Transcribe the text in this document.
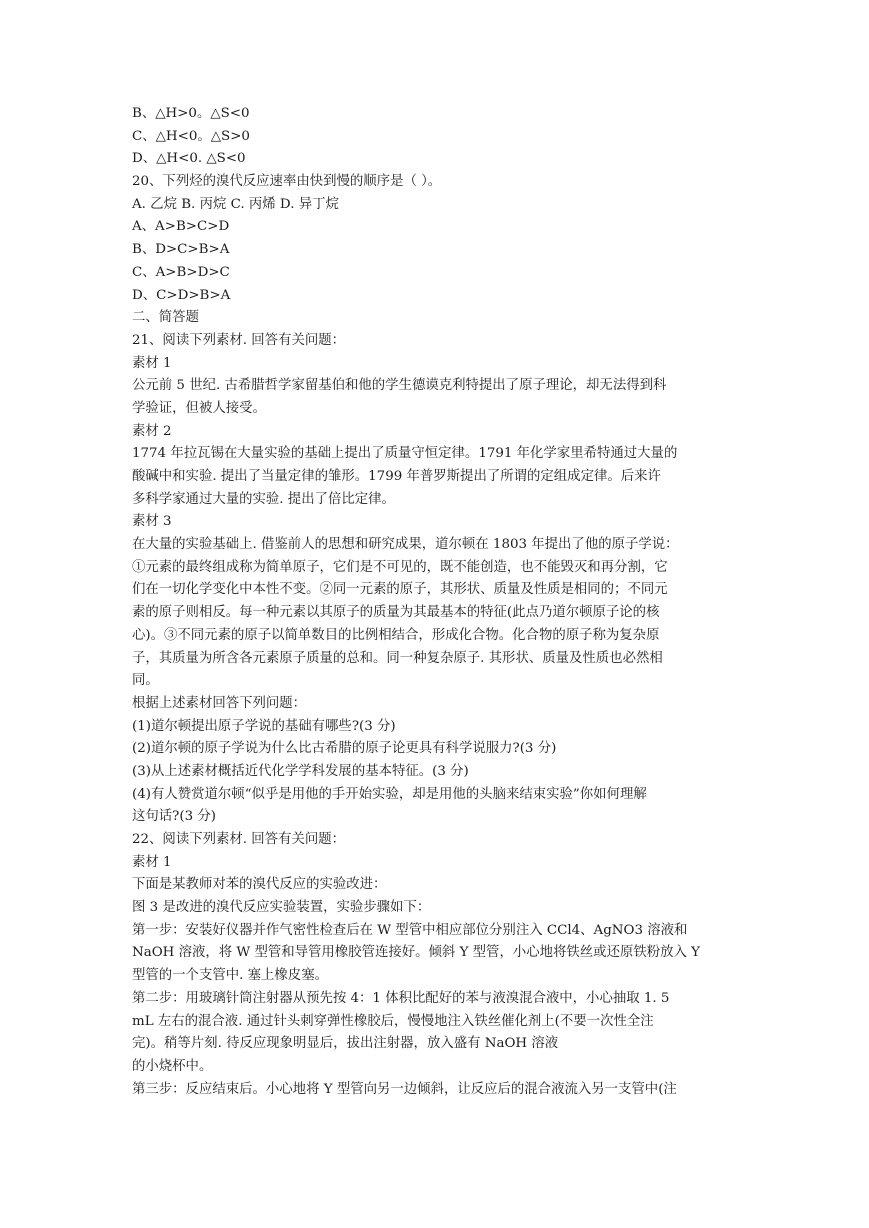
B、△H>0。△S<0
C、△H<0。△S>0
D、△H<0. △S<0
20、下列烃的溴代反应速率由快到慢的顺序是（ ）。
A. 乙烷 B. 丙烷 C. 丙烯 D. 异丁烷
A、A>B>C>D
B、D>C>B>A
C、A>B>D>C
D、C>D>B>A
二、简答题
21、阅读下列素材. 回答有关问题：
素材 1
公元前 5 世纪. 古希腊哲学家留基伯和他的学生德谟克利特提出了原子理论，却无法得到科
学验证，但被人接受。
素材 2
1774 年拉瓦锡在大量实验的基础上提出了质量守恒定律。1791 年化学家里希特通过大量的
酸碱中和实验. 提出了当量定律的雏形。1799 年普罗斯提出了所谓的定组成定律。后来许
多科学家通过大量的实验. 提出了倍比定律。
素材 3
在大量的实验基础上. 借鉴前人的思想和研究成果，道尔顿在 1803 年提出了他的原子学说：
①元素的最终组成称为简单原子，它们是不可见的，既不能创造，也不能毁灭和再分割，它
们在一切化学变化中本性不变。②同一元素的原子，其形状、质量及性质是相同的；不同元
素的原子则相反。每一种元素以其原子的质量为其最基本的特征(此点乃道尔顿原子论的核
心)。③不同元素的原子以简单数目的比例相结合，形成化合物。化合物的原子称为复杂原
子，其质量为所含各元素原子质量的总和。同一种复杂原子. 其形状、质量及性质也必然相
同。
根据上述素材回答下列问题：
(1)道尔顿提出原子学说的基础有哪些?(3 分)
(2)道尔顿的原子学说为什么比古希腊的原子论更具有科学说服力?(3 分)
(3)从上述素材概括近代化学学科发展的基本特征。(3 分)
(4)有人赞赏道尔顿“似乎是用他的手开始实验，却是用他的头脑来结束实验”你如何理解
这句话?(3 分)
22、阅读下列素材. 回答有关问题：
素材 1
下面是某教师对苯的溴代反应的实验改进：
图 3 是改进的溴代反应实验装置，实验步骤如下：
第一步：安装好仪器并作气密性检查后在 W 型管中相应部位分别注入 CCl4、AgNO3 溶液和
NaOH 溶液，将 W 型管和导管用橡胶管连接好。倾斜 Y 型管，小心地将铁丝或还原铁粉放入 Y
型管的一个支管中. 塞上橡皮塞。
第二步：用玻璃针筒注射器从预先按 4：1 体积比配好的苯与液溴混合液中，小心抽取 1. 5
mL 左右的混合液. 通过针头刺穿弹性橡胶后，慢慢地注入铁丝催化剂上(不要一次性全注
完)。稍等片刻. 待反应现象明显后，拔出注射器，放入盛有 NaOH 溶液
的小烧杯中。
第三步：反应结束后。小心地将 Y 型管向另一边倾斜，让反应后的混合液流入另一支管中(注
